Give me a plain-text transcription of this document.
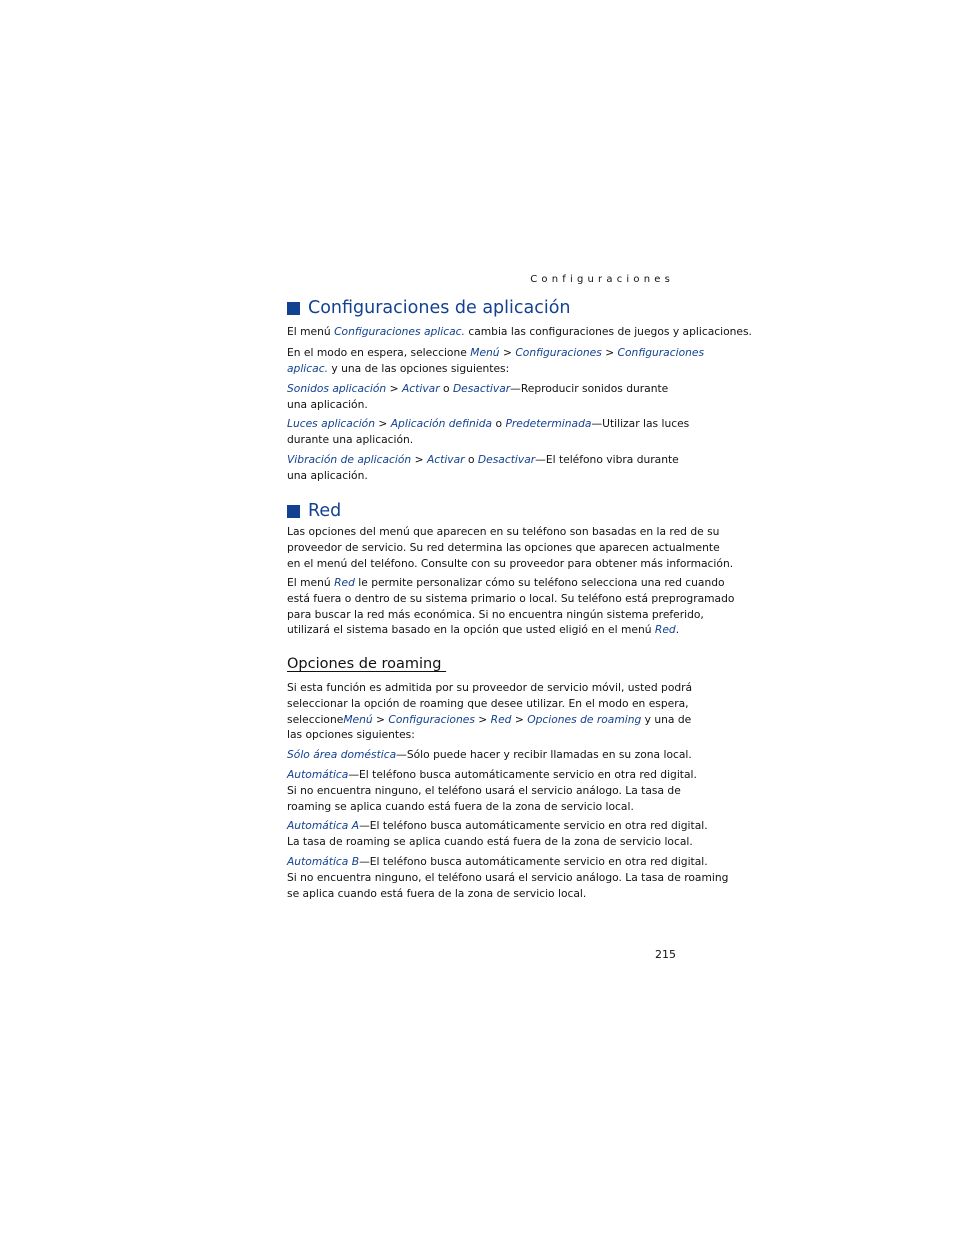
Configuraciones
Configuraciones de aplicación
El menú Configuraciones aplicac. cambia las configuraciones de juegos y aplicaciones.
En el modo en espera, seleccione Menú > Configuraciones > Configuraciones
aplicac. y una de las opciones siguientes:
Sonidos aplicación > Activar o Desactivar—Reproducir sonidos durante
una aplicación.
Luces aplicación > Aplicación definida o Predeterminada—Utilizar las luces
durante una aplicación.
Vibración de aplicación > Activar o Desactivar—El teléfono vibra durante
una aplicación.
Red
Las opciones del menú que aparecen en su teléfono son basadas en la red de su
proveedor de servicio. Su red determina las opciones que aparecen actualmente
en el menú del teléfono. Consulte con su proveedor para obtener más información.
El menú Red le permite personalizar cómo su teléfono selecciona una red cuando
está fuera o dentro de su sistema primario o local. Su teléfono está preprogramado
para buscar la red más económica. Si no encuentra ningún sistema preferido,
utilizará el sistema basado en la opción que usted eligió en el menú Red.
Opciones de roaming
Si esta función es admitida por su proveedor de servicio móvil, usted podrá
seleccionar la opción de roaming que desee utilizar. En el modo en espera,
seleccioneMenú > Configuraciones > Red > Opciones de roaming y una de
las opciones siguientes:
Sólo área doméstica—Sólo puede hacer y recibir llamadas en su zona local.
Automática—El teléfono busca automáticamente servicio en otra red digital.
Si no encuentra ninguno, el teléfono usará el servicio análogo. La tasa de
roaming se aplica cuando está fuera de la zona de servicio local.
Automática A—El teléfono busca automáticamente servicio en otra red digital.
La tasa de roaming se aplica cuando está fuera de la zona de servicio local.
Automática B—El teléfono busca automáticamente servicio en otra red digital.
Si no encuentra ninguno, el teléfono usará el servicio análogo. La tasa de roaming
se aplica cuando está fuera de la zona de servicio local.
215
